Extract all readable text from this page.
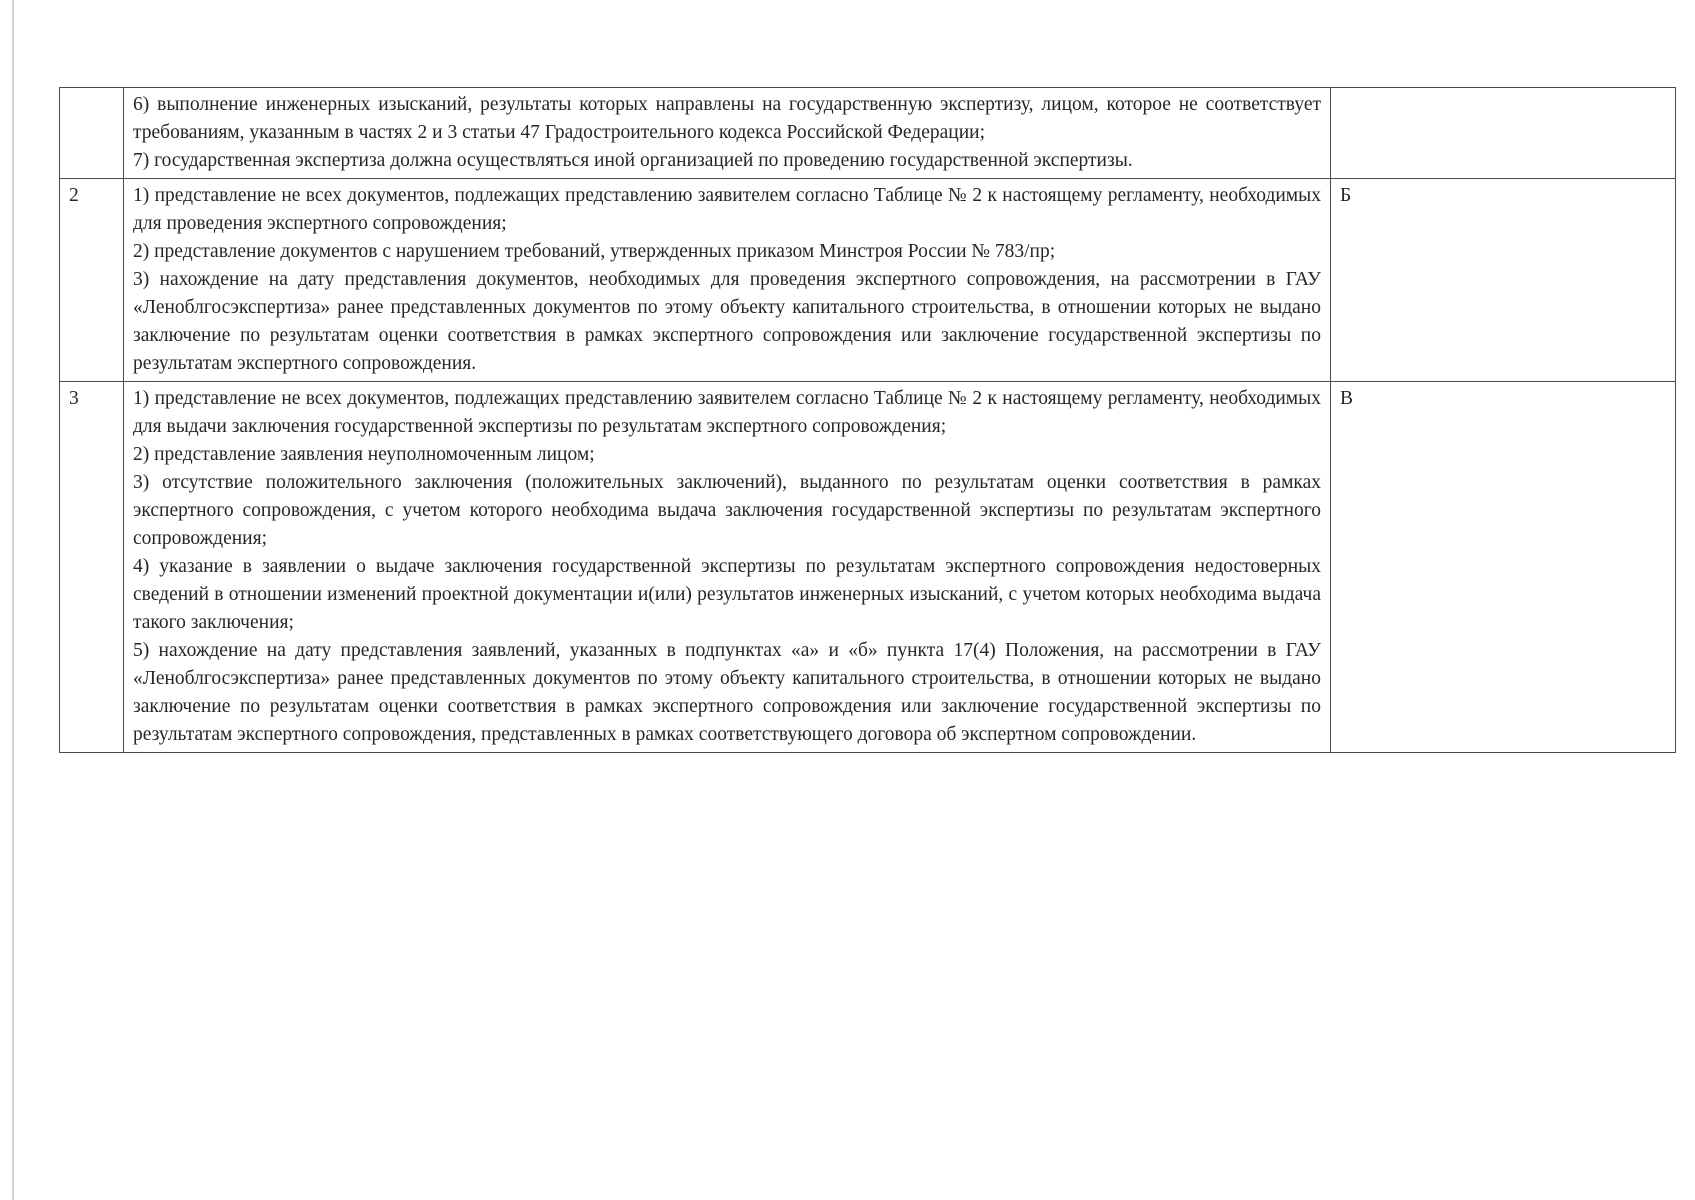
	6) выполнение инженерных изысканий, результаты которых направлены на государственную экспертизу, лицом, которое не соответствует требованиям, указанным в частях 2 и 3 статьи 47 Градостроительного кодекса Российской Федерации;

7) государственная экспертиза должна осуществляться иной организацией по проведению государственной экспертизы.	

2	1) представление не всех документов, подлежащих представлению заявителем согласно Таблице № 2 к настоящему регламенту, необходимых для проведения экспертного сопровождения;

2) представление документов с нарушением требований, утвержденных приказом Минстроя России № 783/пр;

3) нахождение на дату представления документов, необходимых для проведения экспертного сопровождения, на рассмотрении в ГАУ «Леноблгосэкспертиза» ранее представленных документов по этому объекту капитального строительства, в отношении которых не выдано заключение по результатам оценки соответствия в рамках экспертного сопровождения или заключение государственной экспертизы по результатам экспертного сопровождения.	Б
3	1) представление не всех документов, подлежащих представлению заявителем согласно Таблице № 2 к настоящему регламенту, необходимых для выдачи заключения государственной экспертизы по результатам экспертного сопровождения;

2) представление заявления неуполномоченным лицом;

3) отсутствие положительного заключения (положительных заключений), выданного по результатам оценки соответствия в рамках экспертного сопровождения, с учетом которого необходима выдача заключения государственной экспертизы по результатам экспертного сопровождения;

4) указание в заявлении о выдаче заключения государственной экспертизы по результатам экспертного сопровождения недостоверных сведений в отношении изменений проектной документации и(или) результатов инженерных изысканий, с учетом которых необходима выдача такого заключения;

5) нахождение на дату представления заявлений, указанных в подпунктах «а» и «б» пункта 17(4) Положения, на рассмотрении в ГАУ «Леноблгосэкспертиза» ранее представленных документов по этому объекту капитального строительства, в отношении которых не выдано заключение по результатам оценки соответствия в рамках экспертного сопровождения или заключение государственной экспертизы по результатам экспертного сопровождения, представленных в рамках соответствующего договора об экспертном сопровождении.	В
